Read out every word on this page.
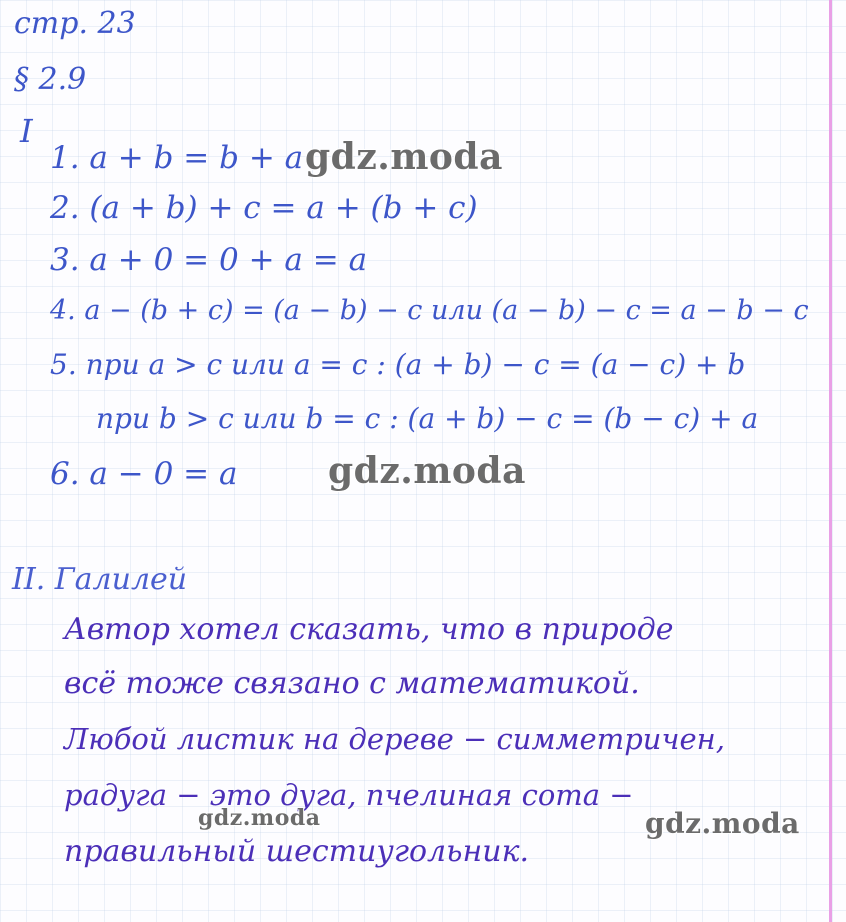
стр. 23
§ 2.9
I
1. a + b = b + a
2. (a + b) + c = a + (b + c)
3. a + 0 = 0 + a = a
4. a − (b + c) = (a − b) − c или (a − b) − c = a − b − c
5. при a > c или a = c : (a + b) − c = (a − c) + b
при b > c или b = c : (a + b) − c = (b − c) + a
6. a − 0 = a
II. Галилей
Автор хотел сказать, что в природе
всё тоже связано с математикой.
Любой листик на дереве − симметричен,
радуга − это дуга, пчелиная сота −
правильный шестиугольник.
gdz.moda
gdz.moda
gdz.moda	gdz.moda
